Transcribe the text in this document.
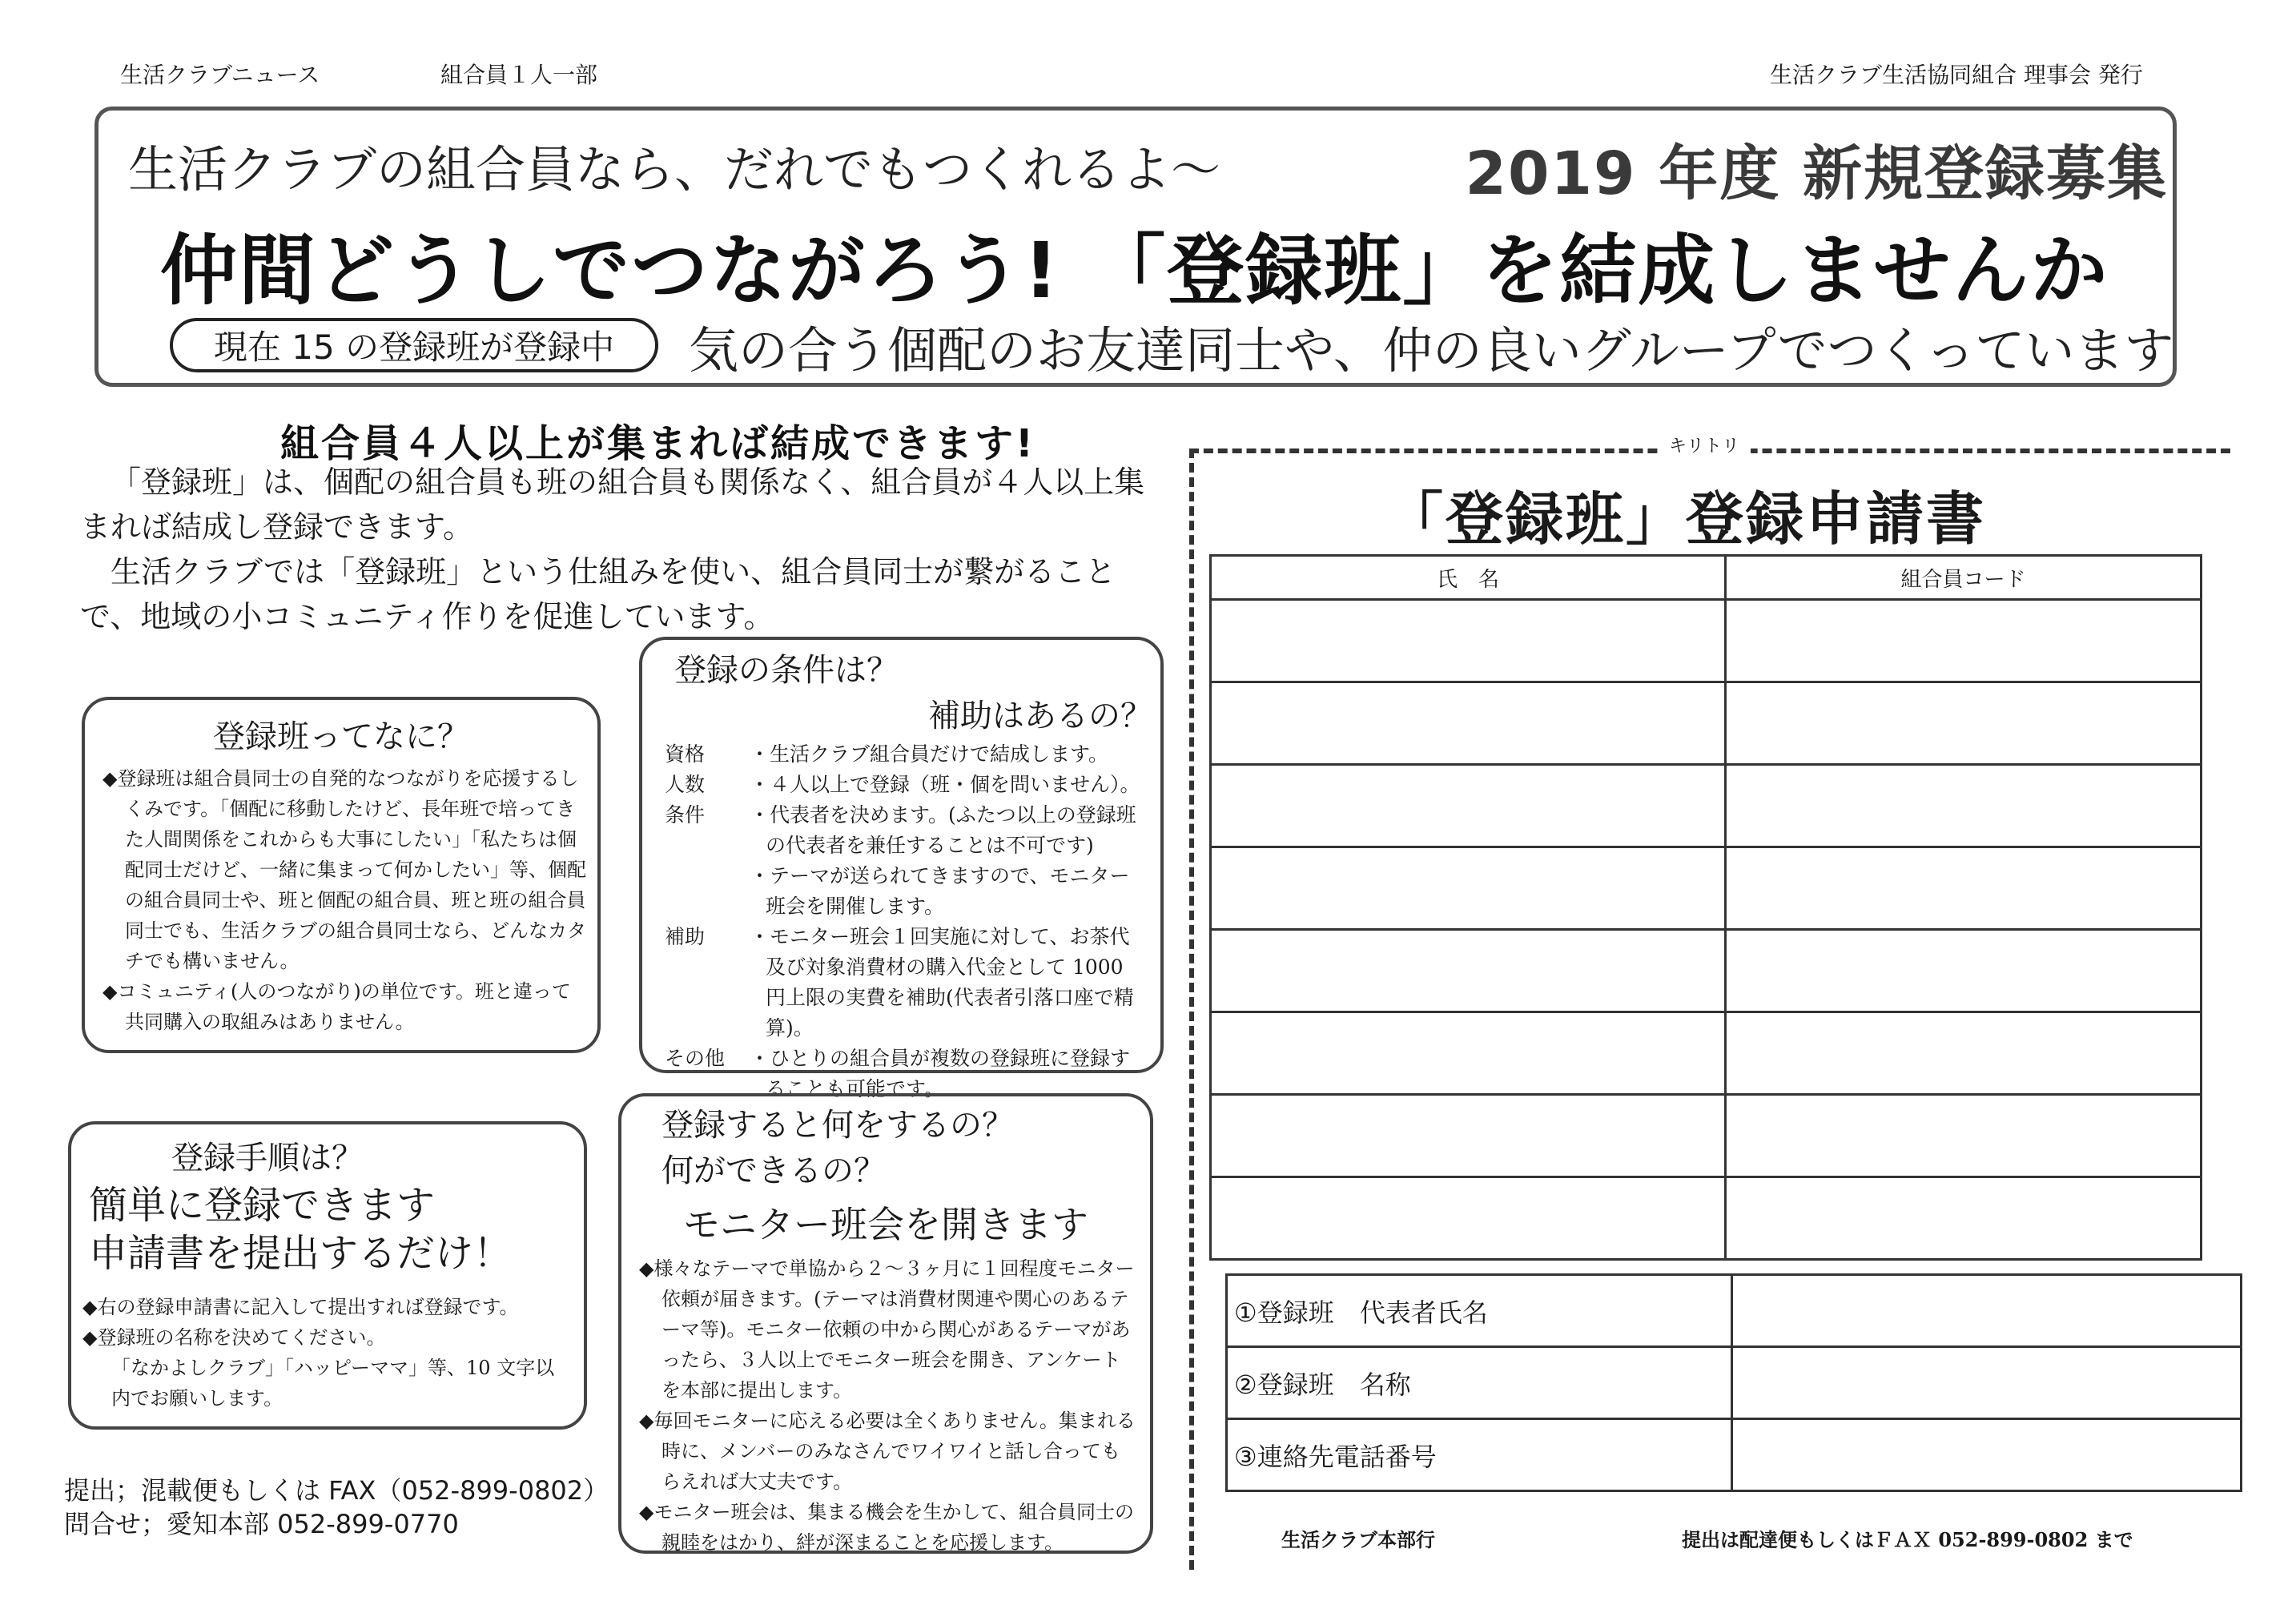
生活クラブニュース	組合員１人一部	生活クラブ生活協同組合 理事会 発行
生活クラブの組合員なら、だれでもつくれるよ～	2019 年度 新規登録募集
仲間どうしでつながろう! 「登録班」を結成しませんか
現在 15 の登録班が登録中 気の合う個配のお友達同士や、仲の良いグループでつくっています
組合員４人以上が集まれば結成できます!

「登録班」は、個配の組合員も班の組合員も関係なく、組合員が４人以上集まれば結成し登録できます。

生活クラブでは「登録班」という仕組みを使い、組合員同士が繋がることで、地域の小コミュニティ作りを促進しています。

登録班ってなに？

◆登録班は組合員同士の自発的なつながりを応援するしくみです。「個配に移動したけど、長年班で培ってきた人間関係をこれからも大事にしたい」「私たちは個配同士だけど、一緒に集まって何かしたい」等、個配の組合員同士や、班と個配の組合員、班と班の組合員同士でも、生活クラブの組合員同士なら、どんなカタチでも構いません。

◆コミュニティ(人のつながり)の単位です。班と違って共同購入の取組みはありません。

登録の条件は？
補助はあるの？
資格	・生活クラブ組合員だけで結成します。
人数	・４人以上で登録（班・個を問いません）。
条件	・代表者を決めます。(ふたつ以上の登録班の代表者を兼任することは不可です)
・テーマが送られてきますので、モニター班会を開催します。
補助	・モニター班会１回実施に対して、お茶代及び対象消費材の購入代金として 1000 円上限の実費を補助(代表者引落口座で精算)。
その他	・ひとりの組合員が複数の登録班に登録することも可能です。
登録手順は？
簡単に登録できます
申請書を提出するだけ！

◆右の登録申請書に記入して提出すれば登録です。

◆登録班の名称を決めてください。

「なかよしクラブ」「ハッピーママ」等、10 文字以内でお願いします。

登録すると何をするの？
何ができるの？
モニター班会を開きます

◆様々なテーマで単協から２～３ヶ月に１回程度モニター依頼が届きます。(テーマは消費材関連や関心のあるテーマ等)。モニター依頼の中から関心があるテーマがあったら、３人以上でモニター班会を開き、アンケートを本部に提出します。

◆毎回モニターに応える必要は全くありません。集まれる時に、メンバーのみなさんでワイワイと話し合ってもらえれば大丈夫です。

◆モニター班会は、集まる機会を生かして、組合員同士の親睦をはかり、絆が深まることを応援します。

提出；混載便もしくは FAX（052-899-0802）
問合せ；愛知本部 052-899-0770
キリトリ
「登録班」登録申請書
氏　名	組合員コード

①登録班　代表者氏名	
②登録班　名称	
③連絡先電話番号	
生活クラブ本部行	提出は配達便もしくはＦＡＸ 052-899-0802 まで
